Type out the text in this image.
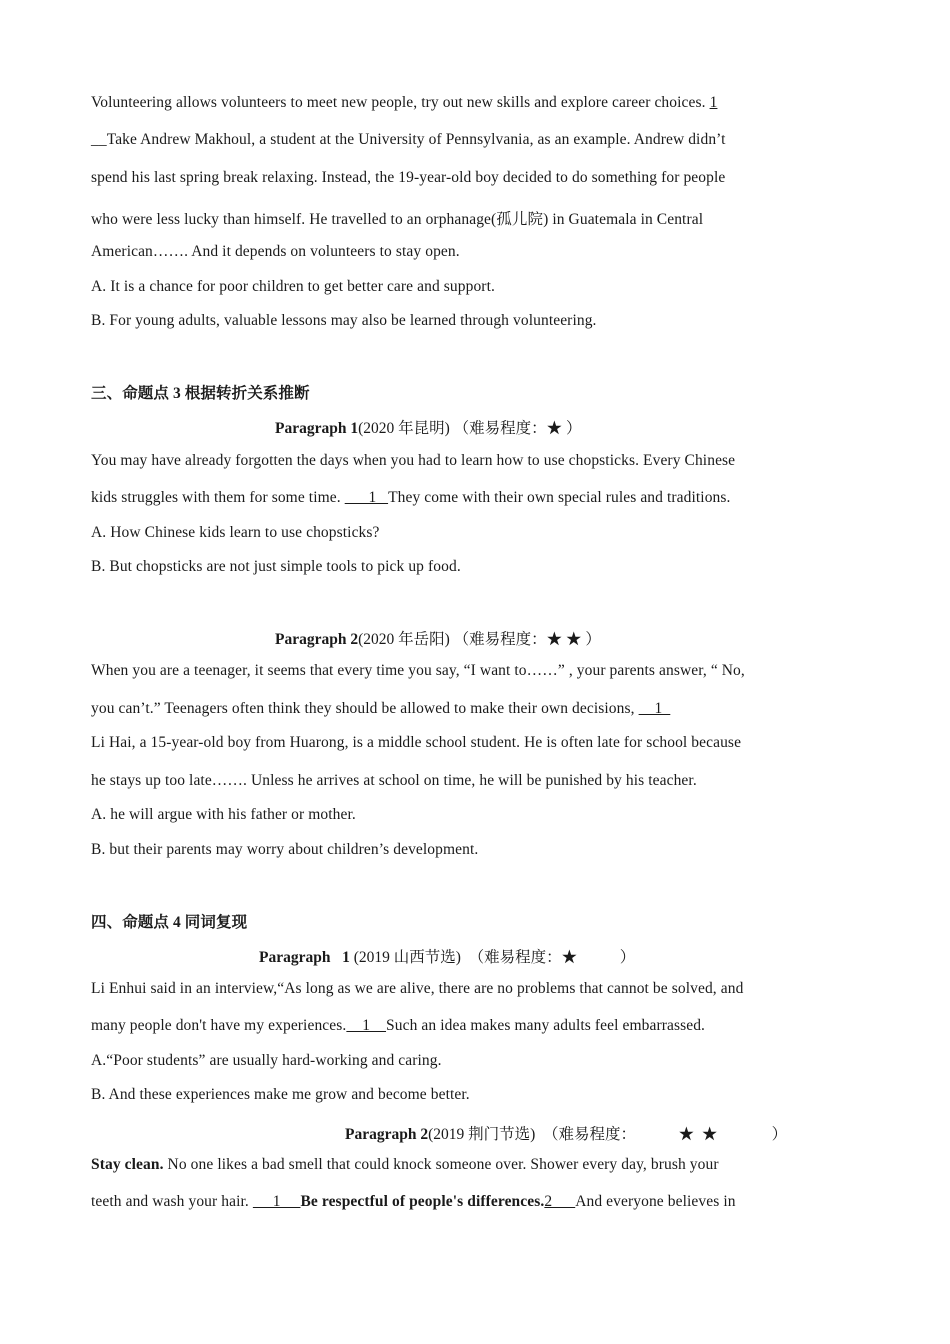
Volunteering allows volunteers to meet new people, try out new skills and explore career choices. 1
__Take Andrew Makhoul, a student at the University of Pennsylvania, as an example. Andrew didn’t
spend his last spring break relaxing. Instead, the 19-year-old boy decided to do something for people
who were less lucky than himself. He travelled to an orphanage(孤儿院) in Guatemala in Central
American……. And it depends on volunteers to stay open.
A. It is a chance for poor children to get better care and support.
B. For young adults, valuable lessons may also be learned through volunteering.
三、命题点 3 根据转折关系推断
Paragraph 1(2020 年昆明) （难易程度：★ ）
You may have already forgotten the days when you had to learn how to use chopsticks. Every Chinese
kids struggles with them for some time.       1   They come with their own special rules and traditions.
A. How Chinese kids learn to use chopsticks?
B. But chopsticks are not just simple tools to pick up food.
Paragraph 2(2020 年岳阳) （难易程度：★ ★ ）
When you are a teenager, it seems that every time you say, “I want to……” , your parents answer, “ No,
you can’t.” Teenagers often think they should be allowed to make their own decisions,     1
Li Hai, a 15-year-old boy from Huarong, is a middle school student. He is often late for school because
he stays up too late……. Unless he arrives at school on time, he will be punished by his teacher.
A. he will argue with his father or mother.
B. but their parents may worry about children’s development.
四、命题点 4 同词复现
Paragraph   1 (2019 山西节选)  （难易程度：★           ）
Li Enhui said in an interview,“As long as we are alive, there are no problems that cannot be solved, and
many people don't have my experiences.    1    Such an idea makes many adults feel embarrassed.
A.“Poor students” are usually hard-working and caring.
B. And these experiences make me grow and become better.
Paragraph 2(2019 荆门节选)  （难易程度：           ★  ★              ）
Stay clean. No one likes a bad smell that could knock someone over. Shower every day, brush your
teeth and wash your hair.      1     Be respectful of people's differences.2      And everyone believes in
